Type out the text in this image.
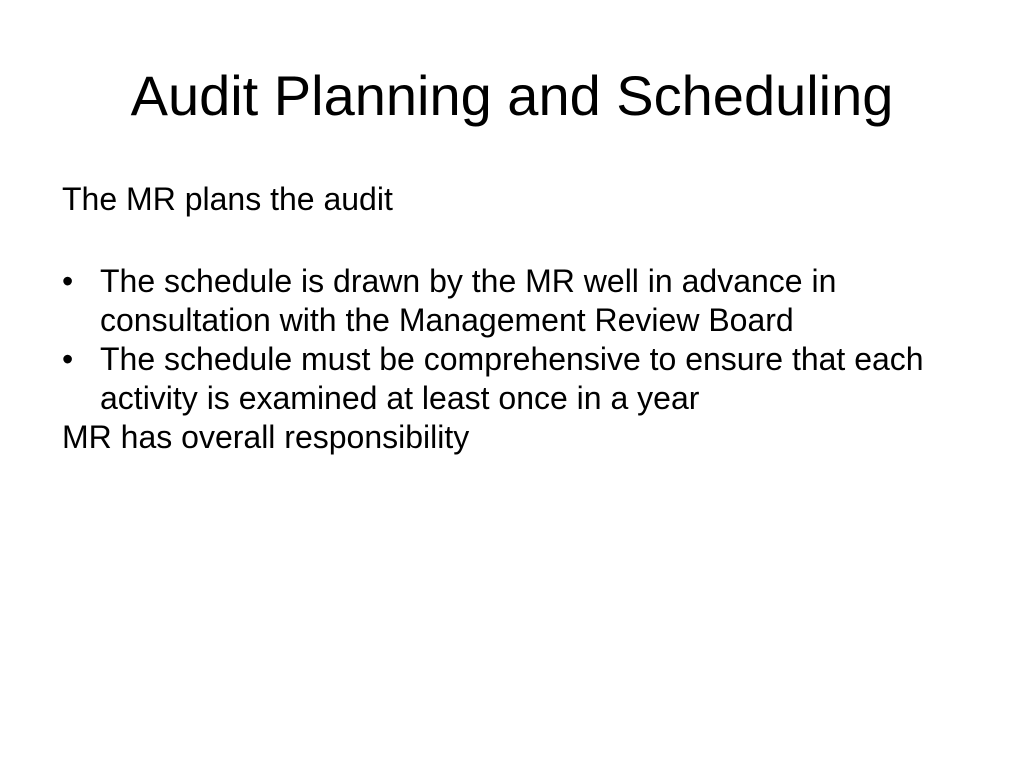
Audit Planning and Scheduling

The MR plans the audit

• The schedule is drawn by the MR well in advance in consultation with the Management Review Board
• The schedule must be comprehensive to ensure that each activity is examined at least once in a year

MR has overall responsibility
